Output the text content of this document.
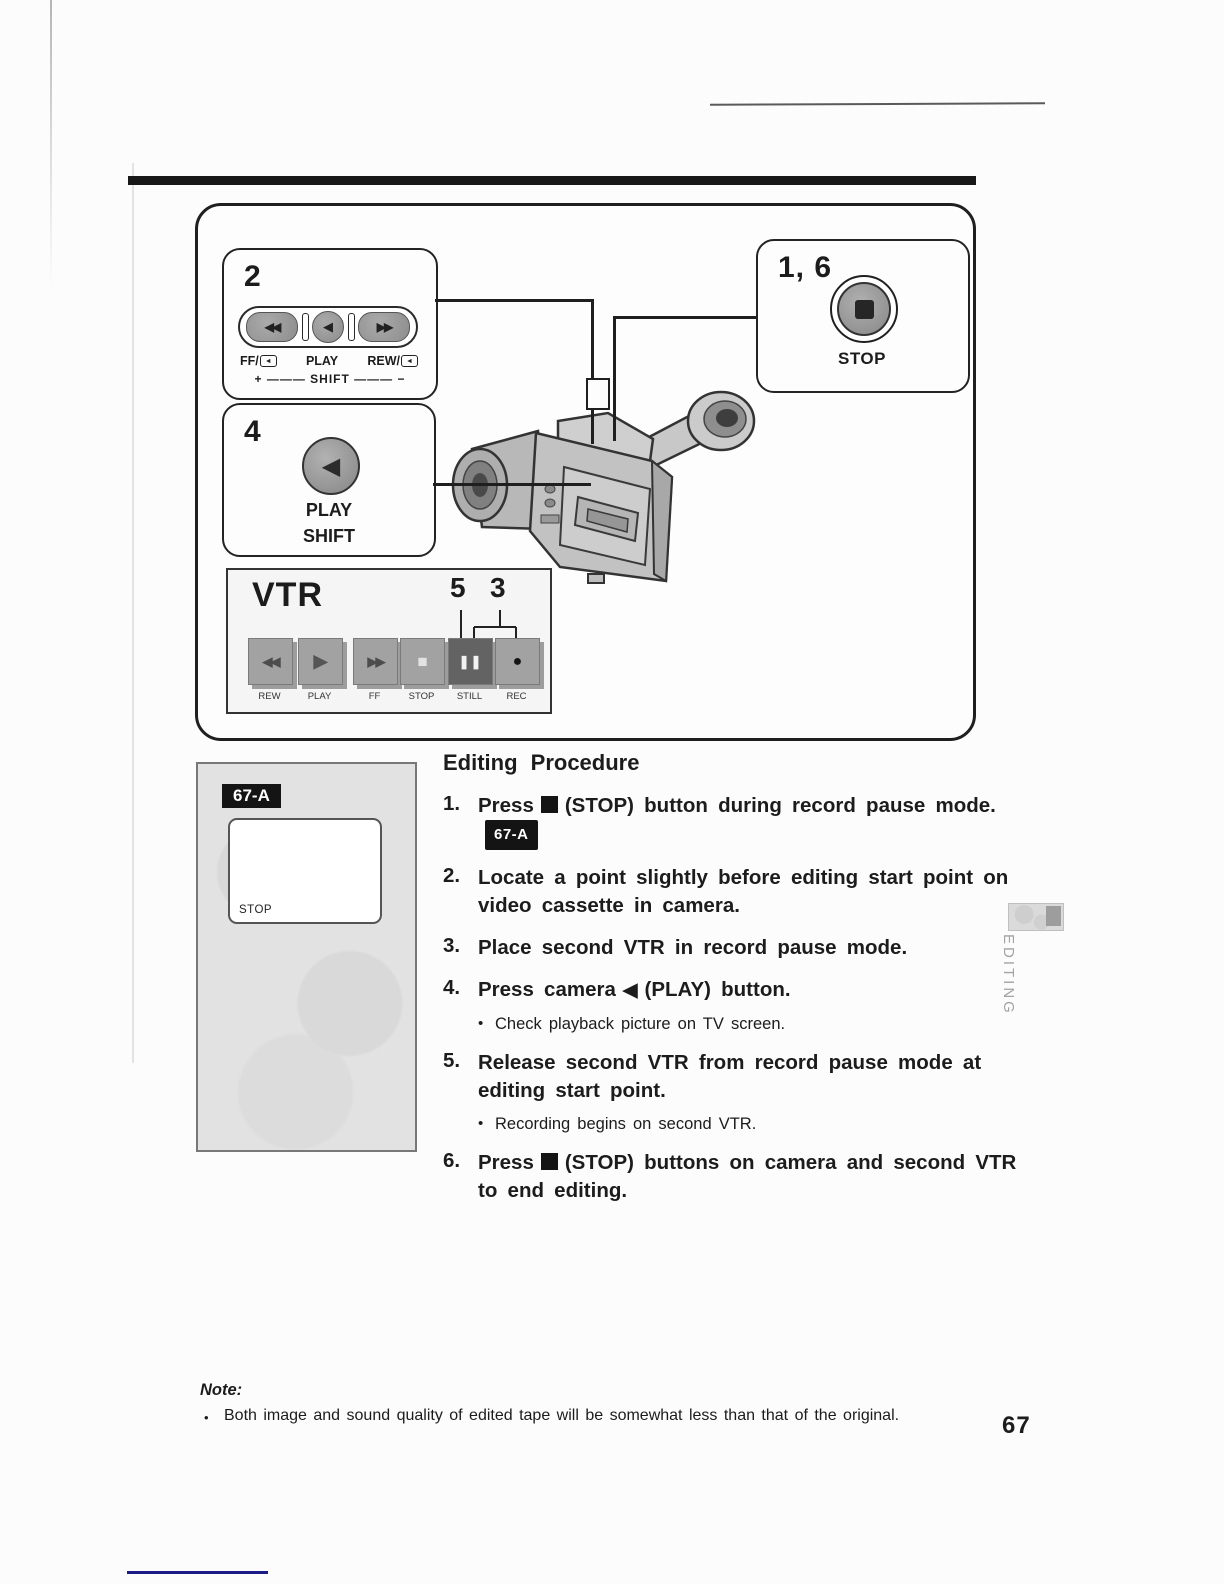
2
◀◀	◀	▶▶
FF/ ◄	PLAY REW/ ◄
+ ——— SHIFT ——— −
1, 6
STOP
4
◀
PLAY
SHIFT
VTR	5 3
◀◀ ▶	▶▶ ■ ❚❚ ●
REW	PLAY	FF	STOP	STILL	REC
67-A
STOP
Editing Procedure
1. Press (STOP) button during record pause mode.67-A
2. Locate a point slightly before editing start point on video cassette in camera.
3. Place second VTR in record pause mode.
4. Press camera ◀ (PLAY) button.
• Check playback picture on TV screen.
5. Release second VTR from record pause mode at editing start point.
• Recording begins on second VTR.
6. Press (STOP) buttons on camera and second VTR to end editing.
EDITING
Note:
• Both image and sound quality of edited tape will be somewhat less than that of the original.	67
